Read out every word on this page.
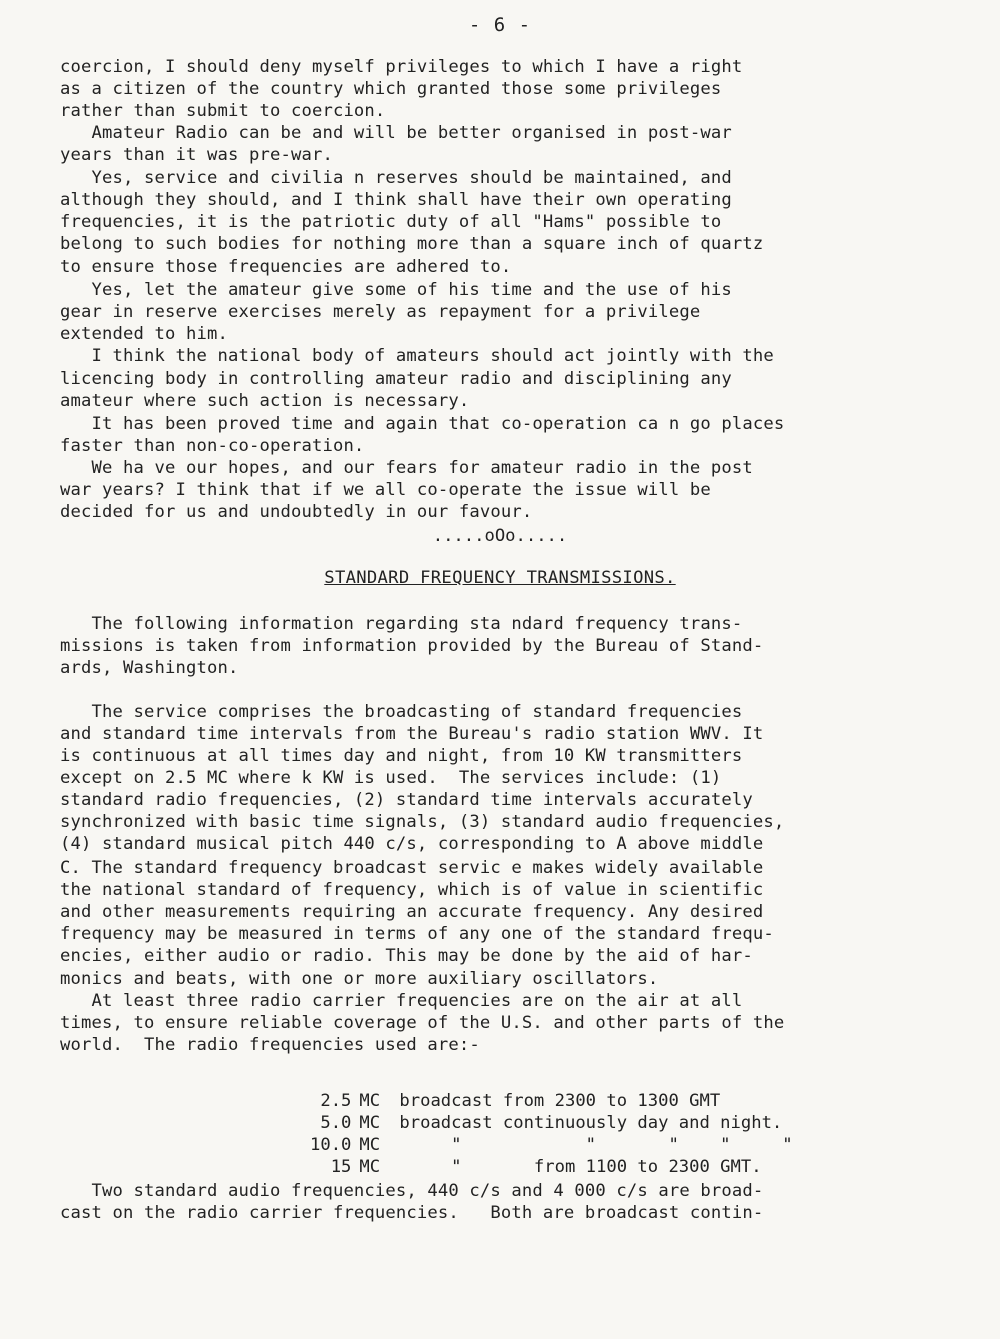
- 6 -
coercion, I should deny myself privileges to which I have a right
as a citizen of the country which granted those some privileges
rather than submit to coercion.
Amateur Radio can be and will be better organised in post-war
years than it was pre-war.
Yes, service and civilia n reserves should be maintained, and
although they should, and I think shall have their own operating
frequencies, it is the patriotic duty of all "Hams" possible to
belong to such bodies for nothing more than a square inch of quartz
to ensure those frequencies are adhered to.
Yes, let the amateur give some of his time and the use of his
gear in reserve exercises merely as repayment for a privilege
extended to him.
I think the national body of amateurs should act jointly with the
licencing body in controlling amateur radio and disciplining any
amateur where such action is necessary.
It has been proved time and again that co-operation ca n go places
faster than non-co-operation.
We ha ve our hopes, and our fears for amateur radio in the post
war years? I think that if we all co-operate the issue will be
decided for us and undoubtedly in our favour.
.....oOo.....
STANDARD FREQUENCY TRANSMISSIONS.
The following information regarding sta ndard frequency trans-
missions is taken from information provided by the Bureau of Stand-
ards, Washington.
The service comprises the broadcasting of standard frequencies
and standard time intervals from the Bureau's radio station WWV. It
is continuous at all times day and night, from 10 KW transmitters
except on 2.5 MC where k KW is used.  The services include: (1)
standard radio frequencies, (2) standard time intervals accurately
synchronized with basic time signals, (3) standard audio frequencies,
(4) standard musical pitch 440 c/s, corresponding to A above middle
C. The standard frequency broadcast servic e makes widely available
the national standard of frequency, which is of value in scientific
and other measurements requiring an accurate frequency. Any desired
frequency may be measured in terms of any one of the standard frequ-
encies, either audio or radio. This may be done by the aid of har-
monics and beats, with one or more auxiliary oscillators.
At least three radio carrier frequencies are on the air at all
times, to ensure reliable coverage of the U.S. and other parts of the
world.  The radio frequencies used are:-

2.5 MC broadcast from 2300 to 1300 GMT

5.0 MC broadcast continuously day and night.

10.0 MC     "            "       "    "     "

15 MC     "       from 1100 to 2300 GMT.

Two standard audio frequencies, 440 c/s and 4 000 c/s are broad-
cast on the radio carrier frequencies.   Both are broadcast contin-
